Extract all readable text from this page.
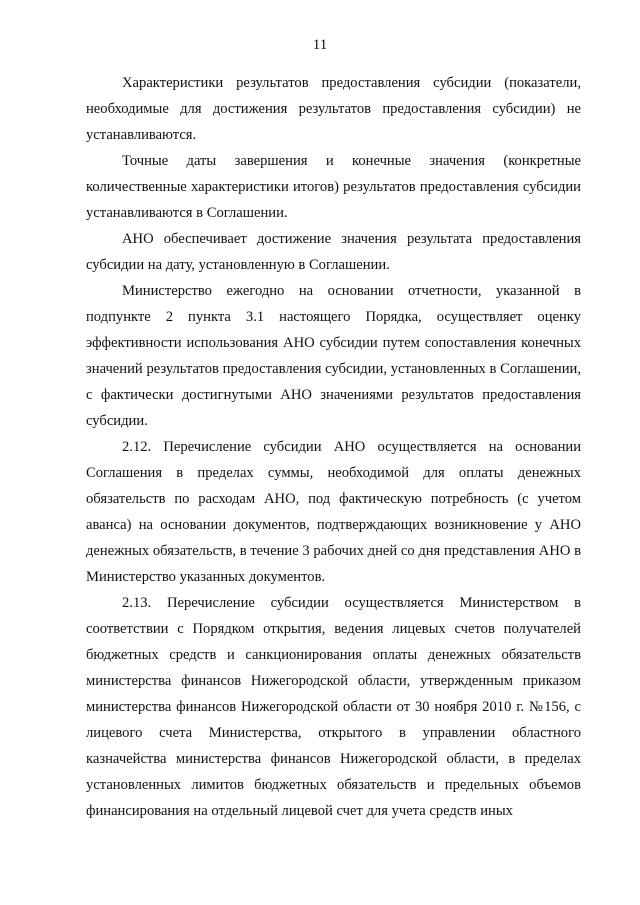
11

Характеристики результатов предоставления субсидии (показатели, необходимые для достижения результатов предоставления субсидии) не устанавливаются.

Точные даты завершения и конечные значения (конкретные количественные характеристики итогов) результатов предоставления субсидии устанавливаются в Соглашении.

АНО обеспечивает достижение значения результата предоставления субсидии на дату, установленную в Соглашении.

Министерство ежегодно на основании отчетности, указанной в подпункте 2 пункта 3.1 настоящего Порядка, осуществляет оценку эффективности использования АНО субсидии путем сопоставления конечных значений результатов предоставления субсидии, установленных в Соглашении, с фактически достигнутыми АНО значениями результатов предоставления субсидии.

2.12. Перечисление субсидии АНО осуществляется на основании Соглашения в пределах суммы, необходимой для оплаты денежных обязательств по расходам АНО, под фактическую потребность (с учетом аванса) на основании документов, подтверждающих возникновение у АНО денежных обязательств, в течение 3 рабочих дней со дня представления АНО в Министерство указанных документов.

2.13. Перечисление субсидии осуществляется Министерством в соответствии с Порядком открытия, ведения лицевых счетов получателей бюджетных средств и санкционирования оплаты денежных обязательств министерства финансов Нижегородской области, утвержденным приказом министерства финансов Нижегородской области от 30 ноября 2010 г. №156, с лицевого счета Министерства, открытого в управлении областного казначейства министерства финансов Нижегородской области, в пределах установленных лимитов бюджетных обязательств и предельных объемов финансирования на отдельный лицевой счет для учета средств иных
